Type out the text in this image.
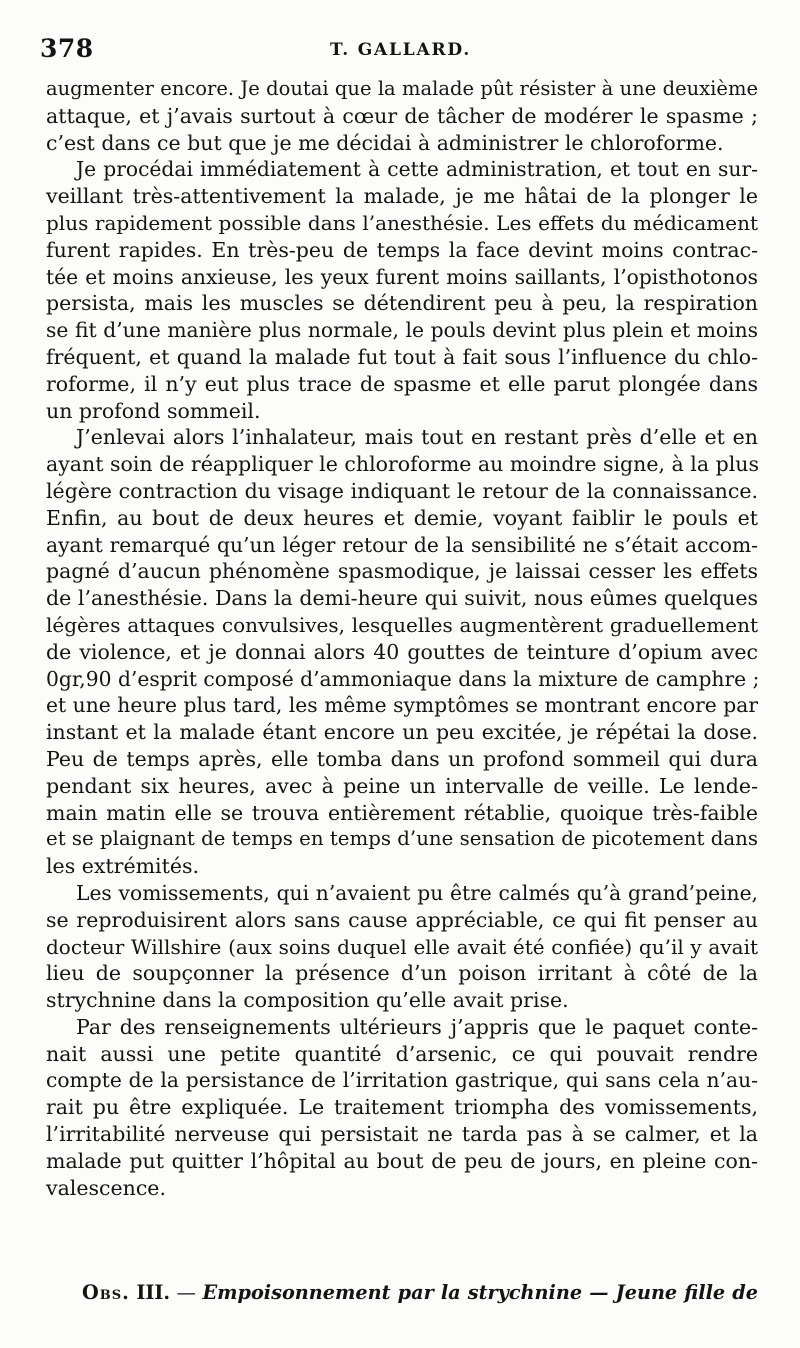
378	T. GALLARD.
augmenter encore. Je doutai que la malade pût résister à une deuxième
attaque, et j’avais surtout à cœur de tâcher de modérer le spasme ;
c’est dans ce but que je me décidai à administrer le chloroforme.
Je procédai immédiatement à cette administration, et tout en sur-
veillant très-attentivement la malade, je me hâtai de la plonger le
plus rapidement possible dans l’anesthésie. Les effets du médicament
furent rapides. En très-peu de temps la face devint moins contrac-
tée et moins anxieuse, les yeux furent moins saillants, l’opisthotonos
persista, mais les muscles se détendirent peu à peu, la respiration
se fit d’une manière plus normale, le pouls devint plus plein et moins
fréquent, et quand la malade fut tout à fait sous l’influence du chlo-
roforme, il n’y eut plus trace de spasme et elle parut plongée dans
un profond sommeil.
J’enlevai alors l’inhalateur, mais tout en restant près d’elle et en
ayant soin de réappliquer le chloroforme au moindre signe, à la plus
légère contraction du visage indiquant le retour de la connaissance.
Enfin, au bout de deux heures et demie, voyant faiblir le pouls et
ayant remarqué qu’un léger retour de la sensibilité ne s’était accom-
pagné d’aucun phénomène spasmodique, je laissai cesser les effets
de l’anesthésie. Dans la demi-heure qui suivit, nous eûmes quelques
légères attaques convulsives, lesquelles augmentèrent graduellement
de violence, et je donnai alors 40 gouttes de teinture d’opium avec
0gr,90 d’esprit composé d’ammoniaque dans la mixture de camphre ;
et une heure plus tard, les même symptômes se montrant encore par
instant et la malade étant encore un peu excitée, je répétai la dose.
Peu de temps après, elle tomba dans un profond sommeil qui dura
pendant six heures, avec à peine un intervalle de veille. Le lende-
main matin elle se trouva entièrement rétablie, quoique très-faible
et se plaignant de temps en temps d’une sensation de picotement dans
les extrémités.
Les vomissements, qui n’avaient pu être calmés qu’à grand’peine,
se reproduisirent alors sans cause appréciable, ce qui fit penser au
docteur Willshire (aux soins duquel elle avait été confiée) qu’il y avait
lieu de soupçonner la présence d’un poison irritant à côté de la
strychnine dans la composition qu’elle avait prise.
Par des renseignements ultérieurs j’appris que le paquet conte-
nait aussi une petite quantité d’arsenic, ce qui pouvait rendre
compte de la persistance de l’irritation gastrique, qui sans cela n’au-
rait pu être expliquée. Le traitement triompha des vomissements,
l’irritabilité nerveuse qui persistait ne tarda pas à se calmer, et la
malade put quitter l’hôpital au bout de peu de jours, en pleine con-
valescence.
Obs. III. — Empoisonnement par la strychnine — Jeune fille de
